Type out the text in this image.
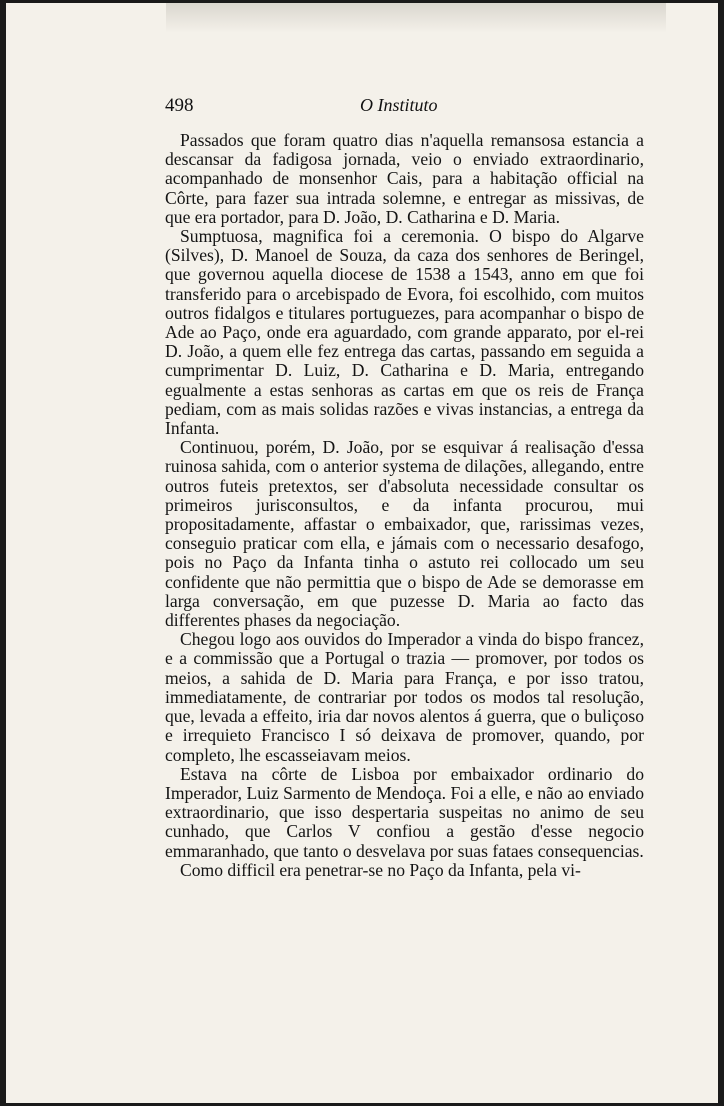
498	O Instituto

Passados que foram quatro dias n'aquella remansosa estancia a descansar da fadigosa jornada, veio o enviado extraordinario, acompanhado de monsenhor Cais, para a habitação official na Côrte, para fazer sua intrada solemne, e entregar as missivas, de que era portador, para D. João, D. Catharina e D. Maria.

Sumptuosa, magnifica foi a ceremonia. O bispo do Algarve (Silves), D. Manoel de Souza, da caza dos senhores de Beringel, que governou aquella diocese de 1538 a 1543, anno em que foi transferido para o arcebispado de Evora, foi escolhido, com muitos outros fidalgos e titulares portuguezes, para acompanhar o bispo de Ade ao Paço, onde era aguardado, com grande apparato, por el-rei D. João, a quem elle fez entrega das cartas, passando em seguida a cumprimentar D. Luiz, D. Catharina e D. Maria, entregando egualmente a estas senhoras as cartas em que os reis de França pediam, com as mais solidas razões e vivas instancias, a entrega da Infanta.

Continuou, porém, D. João, por se esquivar á realisação d'essa ruinosa sahida, com o anterior systema de dilações, allegando, entre outros futeis pretextos, ser d'absoluta necessidade consultar os primeiros jurisconsultos, e da infanta procurou, mui propositadamente, affastar o embaixador, que, rarissimas vezes, conseguio praticar com ella, e jámais com o necessario desafogo, pois no Paço da Infanta tinha o astuto rei collocado um seu confidente que não permittia que o bispo de Ade se demorasse em larga conversação, em que puzesse D. Maria ao facto das differentes phases da negociação.

Chegou logo aos ouvidos do Imperador a vinda do bispo francez, e a commissão que a Portugal o trazia — promover, por todos os meios, a sahida de D. Maria para França, e por isso tratou, immediatamente, de contrariar por todos os modos tal resolução, que, levada a effeito, iria dar novos alentos á guerra, que o buliçoso e irrequieto Francisco I só deixava de promover, quando, por completo, lhe escasseiavam meios.

Estava na côrte de Lisboa por embaixador ordinario do Imperador, Luiz Sarmento de Mendoça. Foi a elle, e não ao enviado extraordinario, que isso despertaria suspeitas no animo de seu cunhado, que Carlos V confiou a gestão d'esse negocio emmaranhado, que tanto o desvelava por suas fataes consequencias.

Como difficil era penetrar-se no Paço da Infanta, pela vi-
